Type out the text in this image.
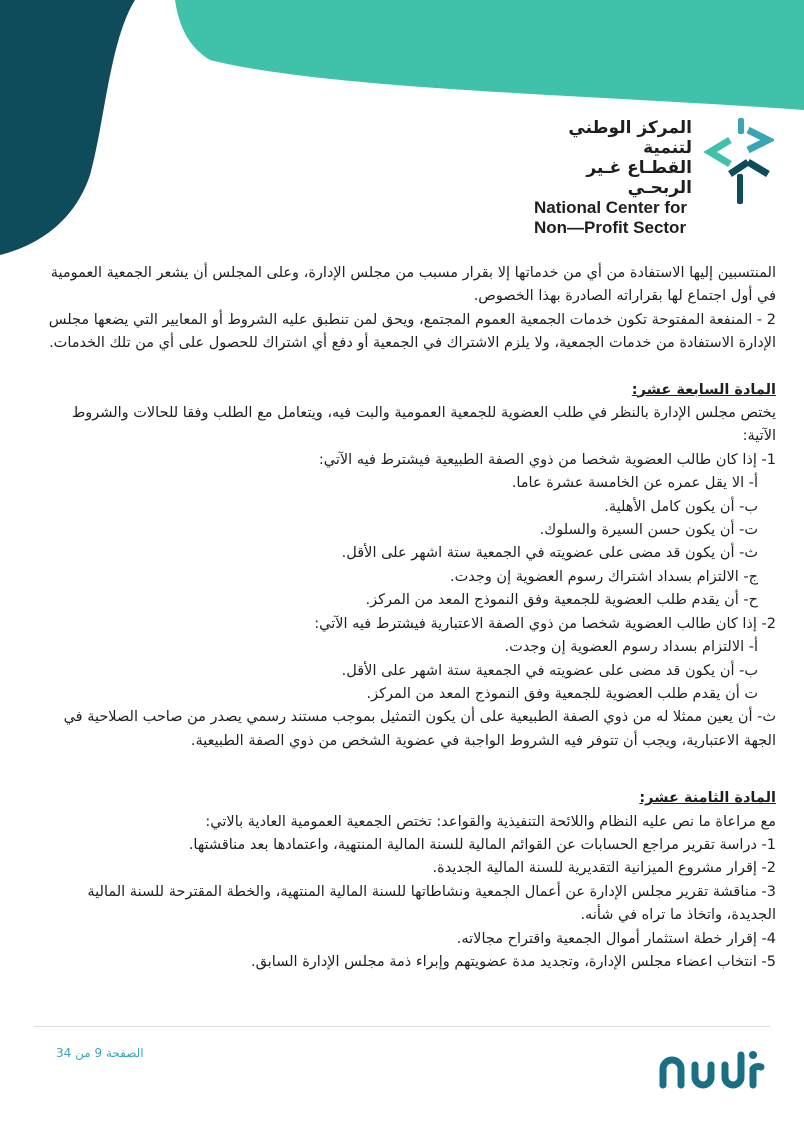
المركز الوطني لتنمية
القطـاع غـير الربحـي
National Center for
Non—Profit Sector

المنتسبين إليها الاستفادة من أي من خدماتها إلا بقرار مسبب من مجلس الإدارة، وعلى المجلس أن يشعر الجمعية العمومية في أول اجتماع لها بقراراته الصادرة بهذا الخصوص.

2 - المنفعة المفتوحة تكون خدمات الجمعية العموم المجتمع، ويحق لمن تنطبق عليه الشروط أو المعايير التي يضعها مجلس الإدارة الاستفادة من خدمات الجمعية، ولا يلزم الاشتراك في الجمعية أو دفع أي اشتراك للحصول على أي من تلك الخدمات.

المادة السابعة عشر:

يختص مجلس الإدارة بالنظر في طلب العضوية للجمعية العمومية والبت فيه، ويتعامل مع الطلب وفقا للحالات والشروط الآتية:

1- إذا كان طالب العضوية شخصا من ذوي الصفة الطبيعية فيشترط فيه الآتي:

أ- الا يقل عمره عن الخامسة عشرة عاما.

ب- أن يكون كامل الأهلية.

ت- أن يكون حسن السيرة والسلوك.

ث- أن يكون قد مضى على عضويته في الجمعية ستة اشهر على الأقل.

ج- الالتزام بسداد اشتراك رسوم العضوية إن وجدت.

ح- أن يقدم طلب العضوية للجمعية وفق النموذج المعد من المركز.

2- إذا كان طالب العضوية شخصا من ذوي الصفة الاعتبارية فيشترط فيه الآتي:

أ- الالتزام بسداد رسوم العضوية إن وجدت.

ب- أن يكون قد مضى على عضويته في الجمعية ستة اشهر على الأقل.

ت أن يقدم طلب العضوية للجمعية وفق النموذج المعد من المركز.

ث- أن يعين ممثلا له من ذوي الصفة الطبيعية على أن يكون التمثيل بموجب مستند رسمي يصدر من صاحب الصلاحية في الجهة الاعتبارية، ويجب أن تتوفر فيه الشروط الواجبة في عضوية الشخص من ذوي الصفة الطبيعية.

المادة الثامنة عشر:

مع مراعاة ما نص عليه النظام واللائحة التنفيذية والقواعد: تختص الجمعية العمومية العادية بالاتي:

1- دراسة تقرير مراجع الحسابات عن القوائم المالية للسنة المالية المنتهية، واعتمادها بعد مناقشتها.

2- إقرار مشروع الميزانية التقديرية للسنة المالية الجديدة.

3- مناقشة تقرير مجلس الإدارة عن أعمال الجمعية ونشاطاتها للسنة المالية المنتهية، والخطة المقترحة للسنة المالية الجديدة، واتخاذ ما تراه في شأنه.

4- إقرار خطة استثمار أموال الجمعية واقتراح مجالاته.

5- انتخاب اعضاء مجلس الإدارة، وتجديد مدة عضويتهم وإبراء ذمة مجلس الإدارة السابق.

الصفحة 9 من 34
